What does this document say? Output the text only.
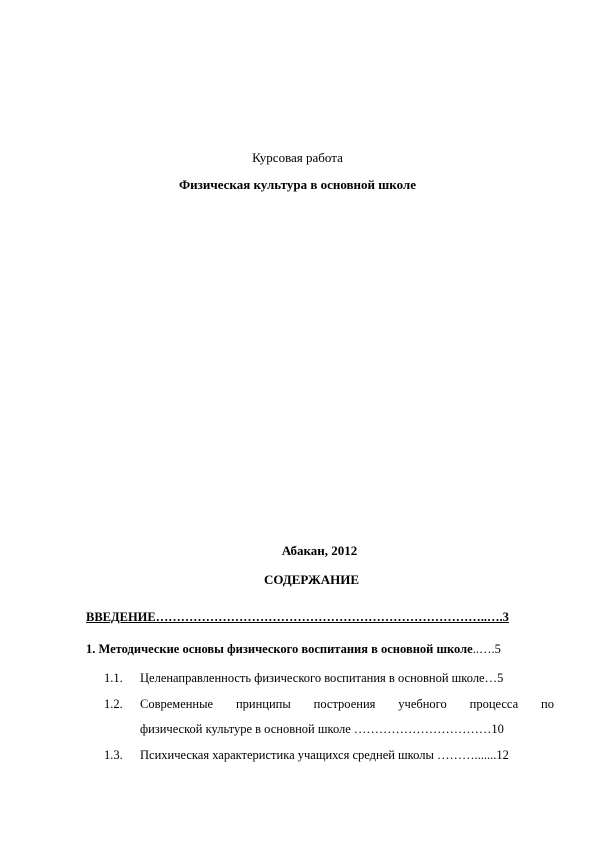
Курсовая работа
Физическая культура в основной школе
Абакан, 2012
СОДЕРЖАНИЕ
ВВЕДЕНИЕ……………………………………………………………………..….3
1. Методические основы физического воспитания в основной школе..….5
1.1. Целенаправленность физического воспитания в основной школе…5
1.2. Современные принципы построения учебного процесса по
физической культуре в основной школе ……………………………10
1.3. Психическая характеристика учащихся средней школы ……….......12
